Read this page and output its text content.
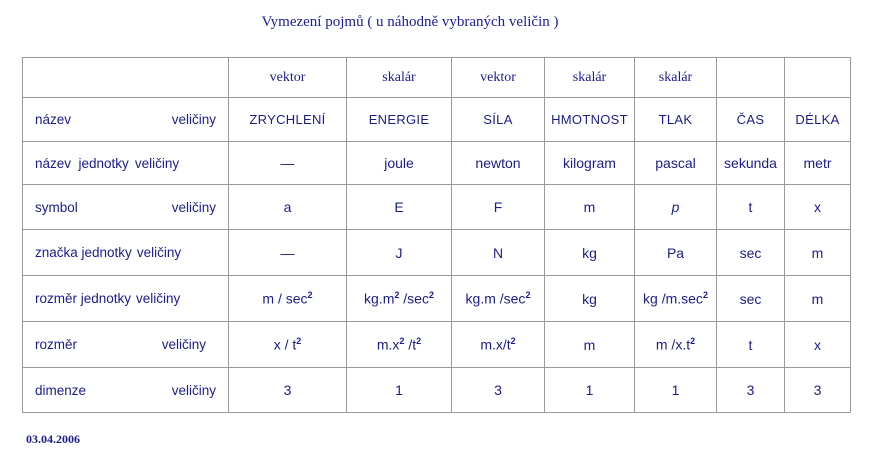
Vymezení pojmů ( u náhodně vybraných veličin )
	vektor	skalár	vektor	skalár	skalár		

název veličiny	ZRYCHLENÍ	ENERGIE	SÍLA	HMOTNOST	TLAK	ČAS	DÉLKA

název  jednotky veličiny	—	joule	newton	kilogram	pascal	sekunda	metr

symbol veličiny	a	E	F	m	p	t	x

značka jednotky veličiny	—	J	N	kg	Pa	sec	m

rozměr jednotky veličiny	m / $\sec^2$	$kg.m^2$ $/\sec^2$	kg.m $/\sec^2$	kg	kg $/m.\sec^2$	sec	m

rozměr veličiny	x / $t^2$	$m.x^2$ $/t^2$	$m.x/t^2$	m	m $/x.t^2$	t	x

dimenze veličiny	3	1	3	1	1	3	3
03.04.2006
